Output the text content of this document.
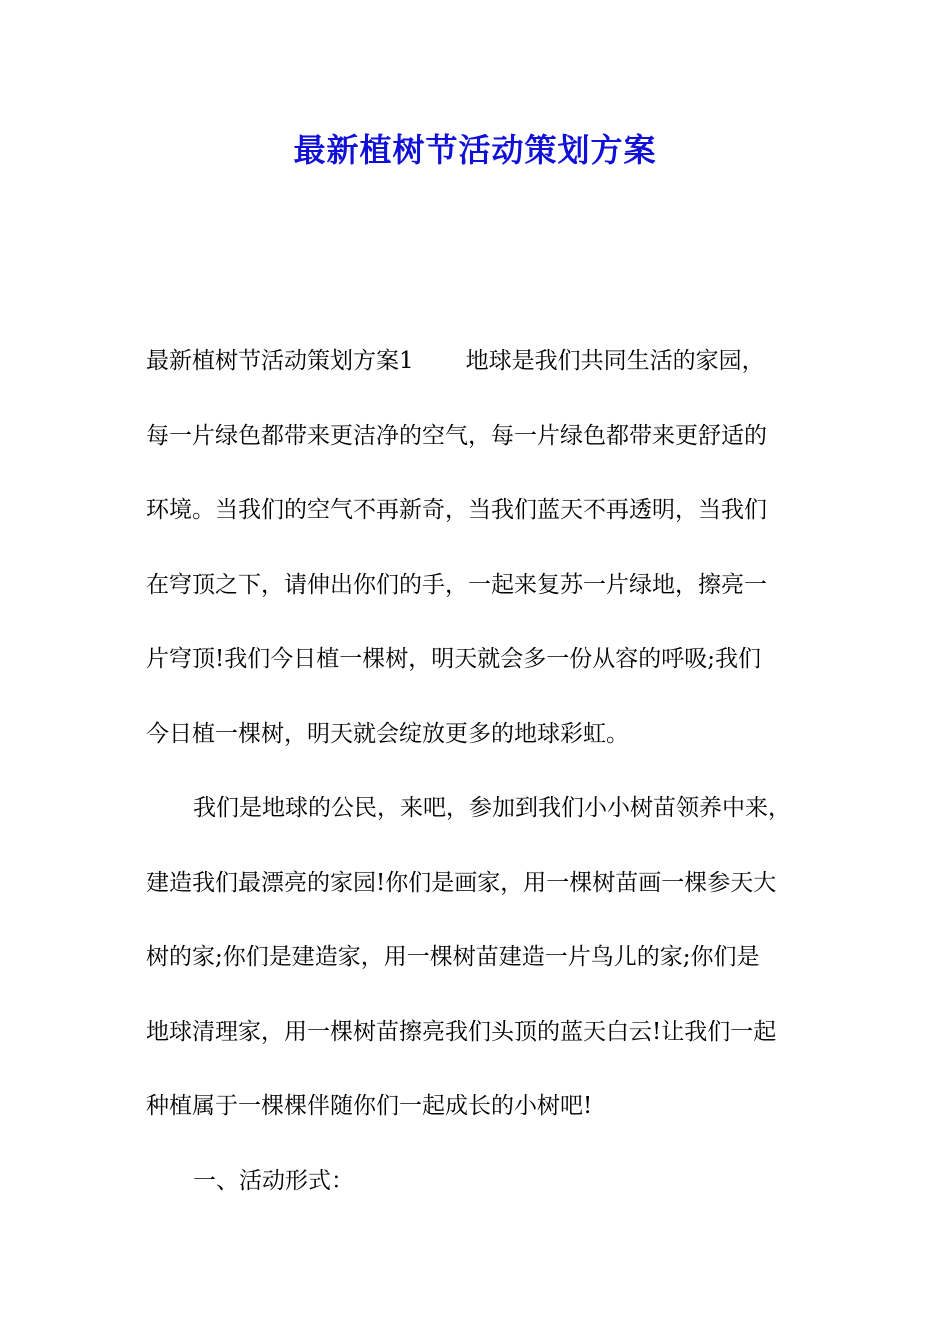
最新植树节活动策划方案
最新植树节活动策划方案1 地球是我们共同生活的家园，
每一片绿色都带来更洁净的空气，每一片绿色都带来更舒适的
环境。当我们的空气不再新奇，当我们蓝天不再透明，当我们
在穹顶之下，请伸出你们的手，一起来复苏一片绿地，擦亮一
片穹顶!我们今日植一棵树，明天就会多一份从容的呼吸;我们
今日植一棵树，明天就会绽放更多的地球彩虹。
我们是地球的公民，来吧，参加到我们小小树苗领养中来，
建造我们最漂亮的家园!你们是画家，用一棵树苗画一棵参天大
树的家;你们是建造家，用一棵树苗建造一片鸟儿的家;你们是
地球清理家，用一棵树苗擦亮我们头顶的蓝天白云!让我们一起
种植属于一棵棵伴随你们一起成长的小树吧!
一、活动形式：
